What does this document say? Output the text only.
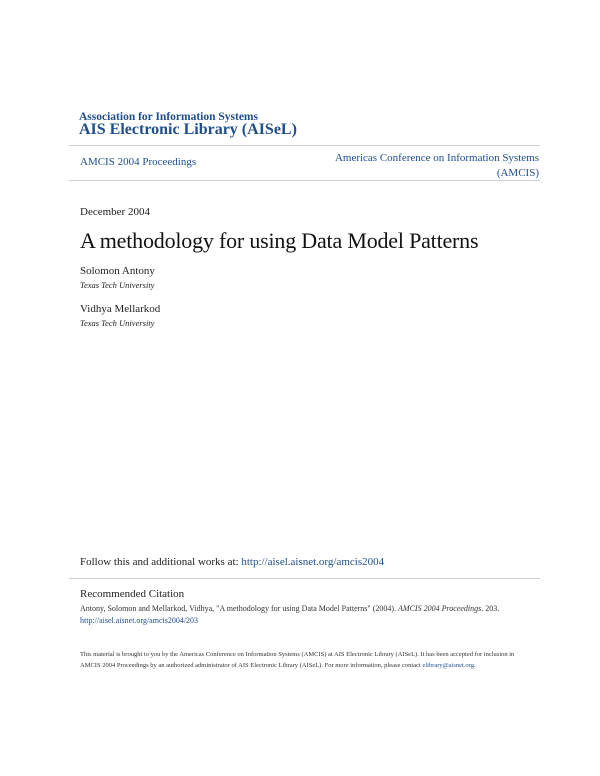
Association for Information Systems
AIS Electronic Library (AISeL)
AMCIS 2004 Proceedings	Americas Conference on Information Systems
(AMCIS)
December 2004
A methodology for using Data Model Patterns
Solomon Antony
Texas Tech University
Vidhya Mellarkod
Texas Tech University
Follow this and additional works at: http://aisel.aisnet.org/amcis2004
Recommended Citation
Antony, Solomon and Mellarkod, Vidhya, "A methodology for using Data Model Patterns" (2004). AMCIS 2004 Proceedings. 203.
http://aisel.aisnet.org/amcis2004/203
This material is brought to you by the Americas Conference on Information Systems (AMCIS) at AIS Electronic Library (AISeL). It has been accepted for inclusion in AMCIS 2004 Proceedings by an authorized administrator of AIS Electronic Library (AISeL). For more information, please contact elibrary@aisnet.org.
